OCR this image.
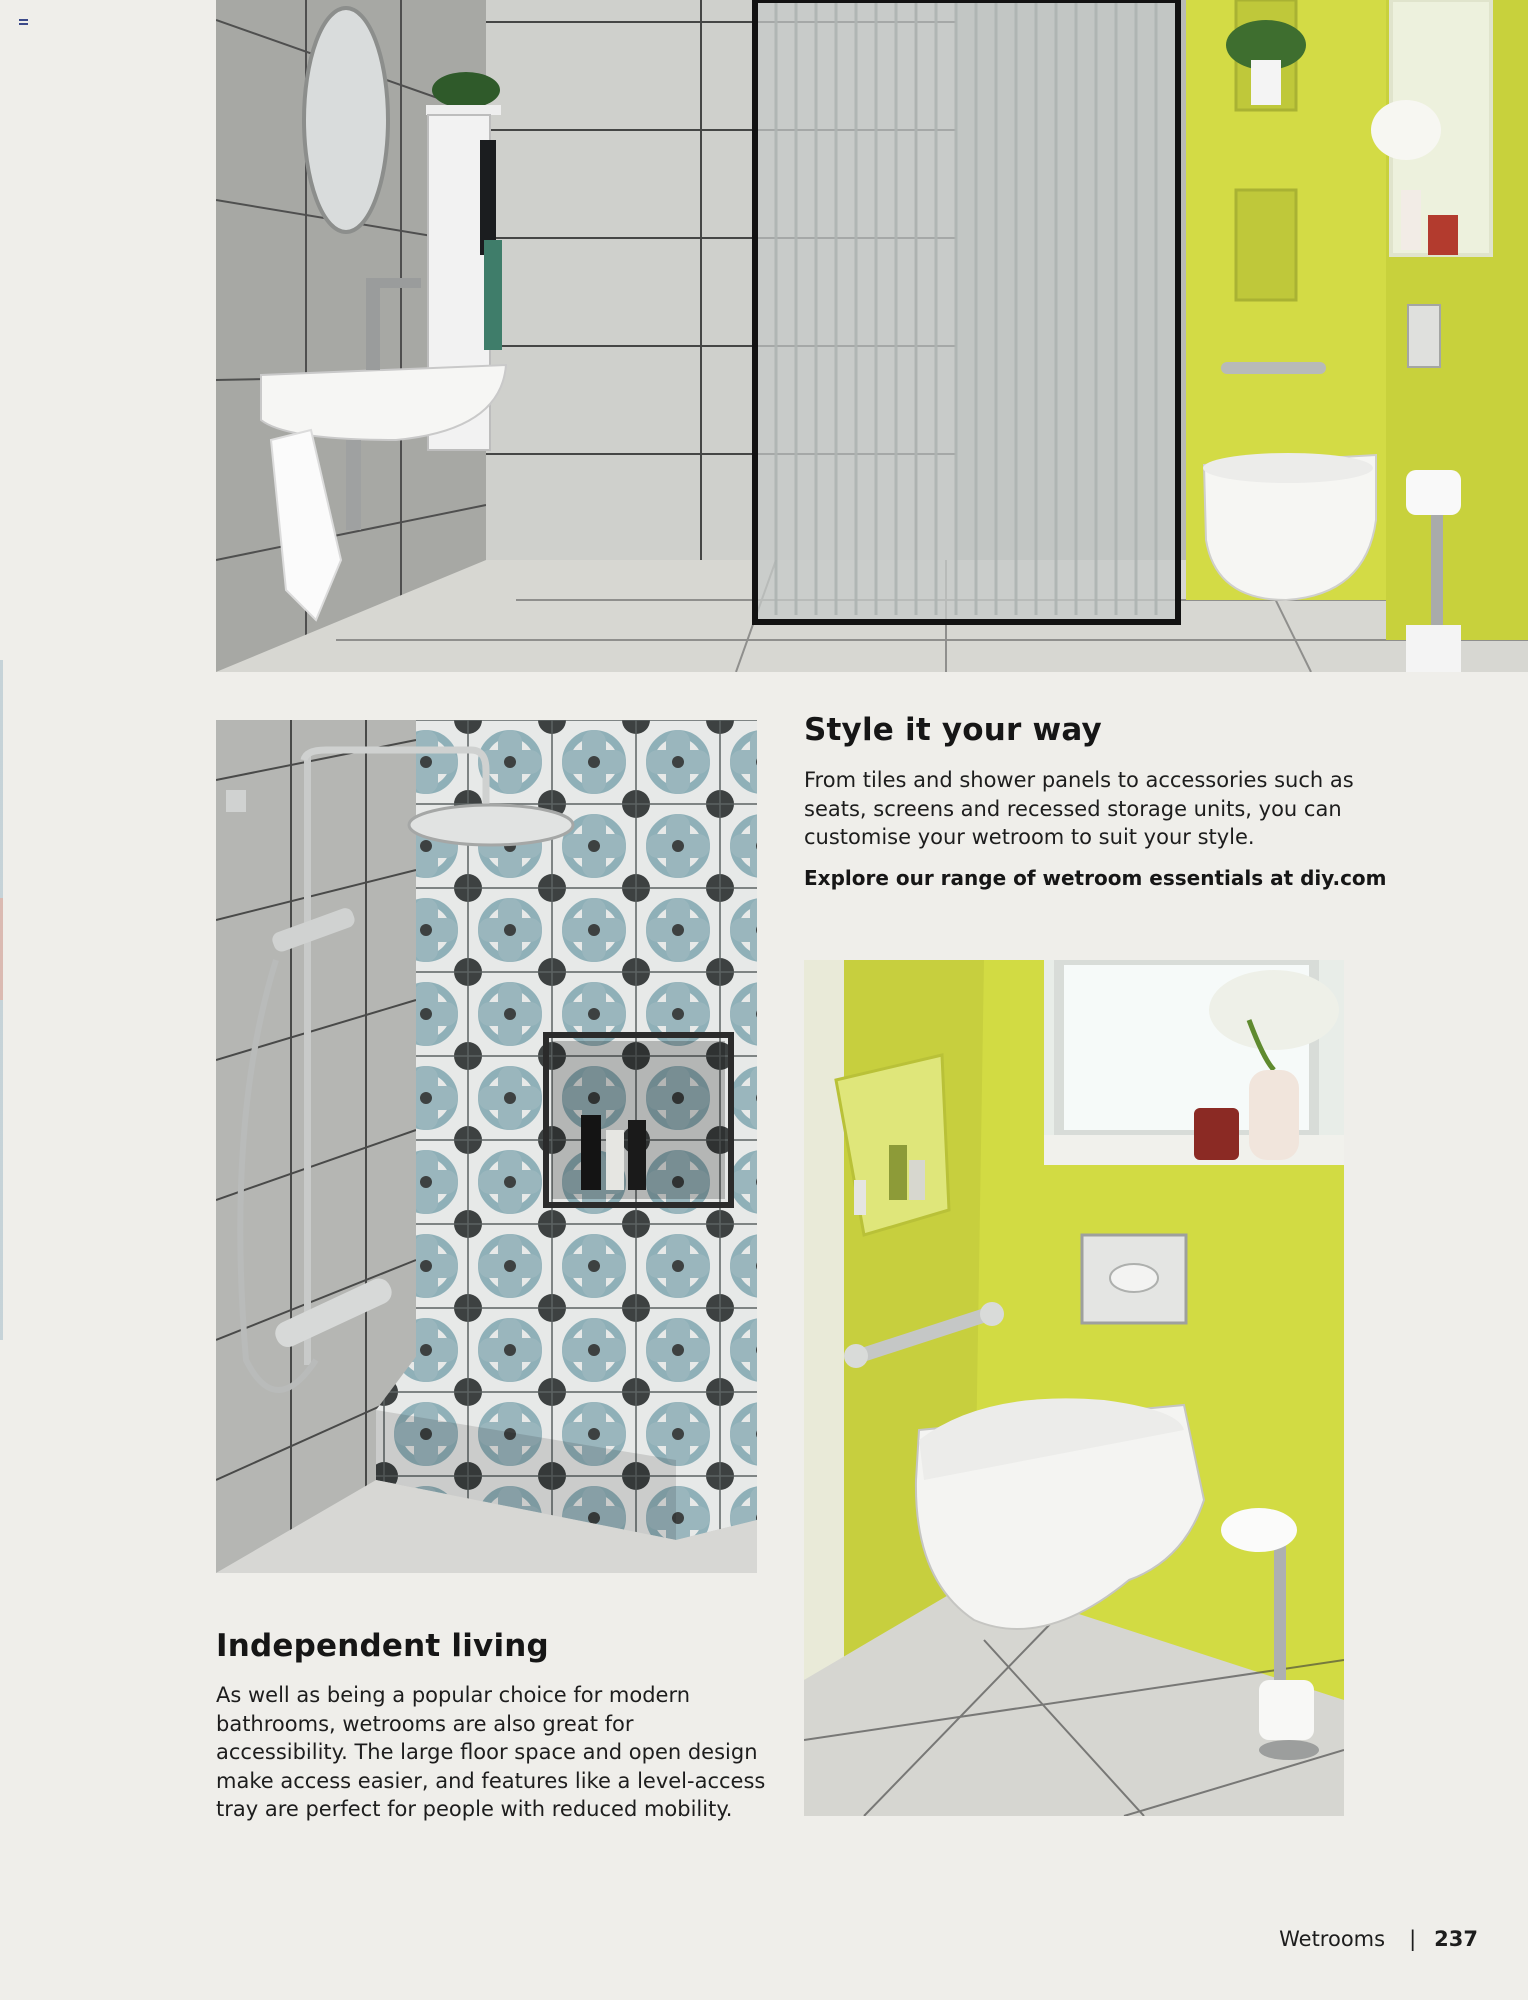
Style it your way

From tiles and shower panels to accessories such as
seats, screens and recessed storage units, you can
customise your wetroom to suit your style.

Explore our range of wetroom essentials at diy.com
Independent living

As well as being a popular choice for modern
bathrooms, wetrooms are also great for
accessibility. The large floor space and open design
make access easier, and features like a level-access
tray are perfect for people with reduced mobility.

Wetrooms | 237
